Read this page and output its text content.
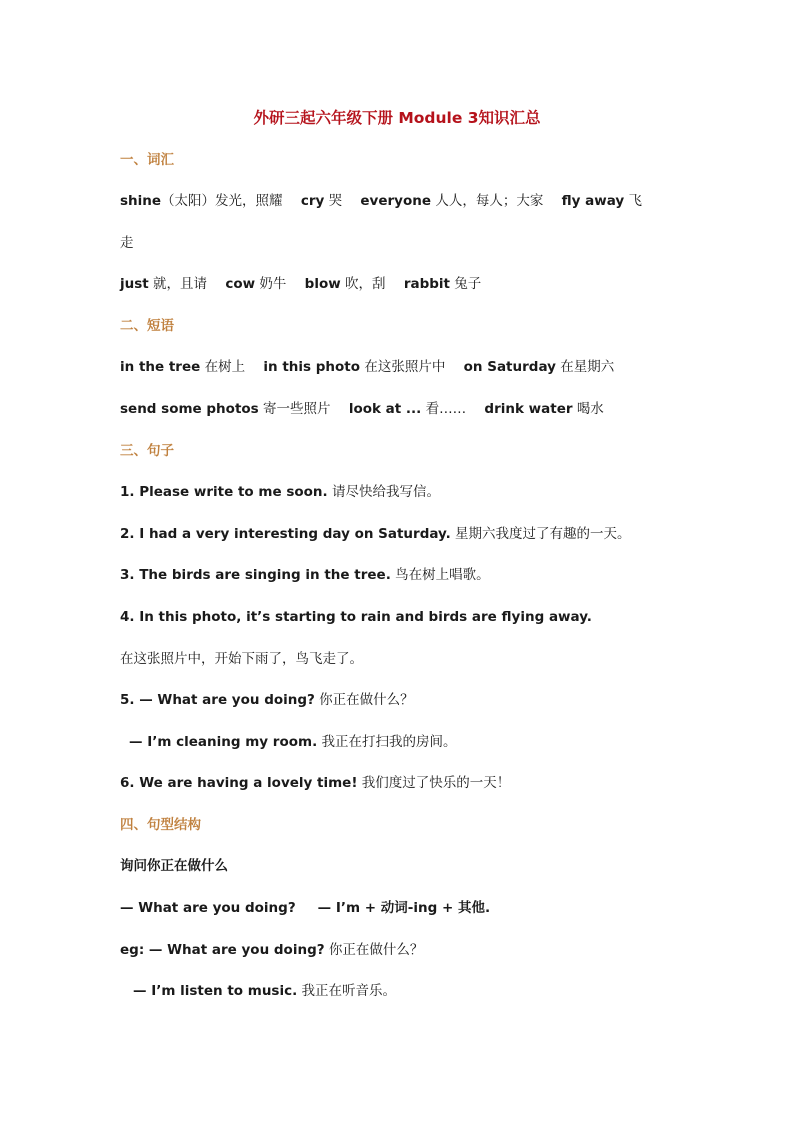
外研三起六年级下册 Module 3知识汇总
一、词汇
shine（太阳）发光，照耀 cry 哭 everyone 人人，每人；大家 fly away 飞
走
just 就，且请 cow 奶牛 blow 吹，刮 rabbit 兔子
二、短语
in the tree 在树上 in this photo 在这张照片中 on Saturday 在星期六
send some photos 寄一些照片 look at ... 看…… drink water 喝水
三、句子
1. Please write to me soon. 请尽快给我写信。
2. I had a very interesting day on Saturday. 星期六我度过了有趣的一天。
3. The birds are singing in the tree. 鸟在树上唱歌。
4. In this photo, it’s starting to rain and birds are flying away.
在这张照片中，开始下雨了，鸟飞走了。
5. — What are you doing? 你正在做什么？
— I’m cleaning my room. 我正在打扫我的房间。
6. We are having a lovely time! 我们度过了快乐的一天！
四、句型结构
询问你正在做什么
— What are you doing? — I’m + 动词-ing + 其他.
eg: — What are you doing? 你正在做什么？
— I’m listen to music. 我正在听音乐。
